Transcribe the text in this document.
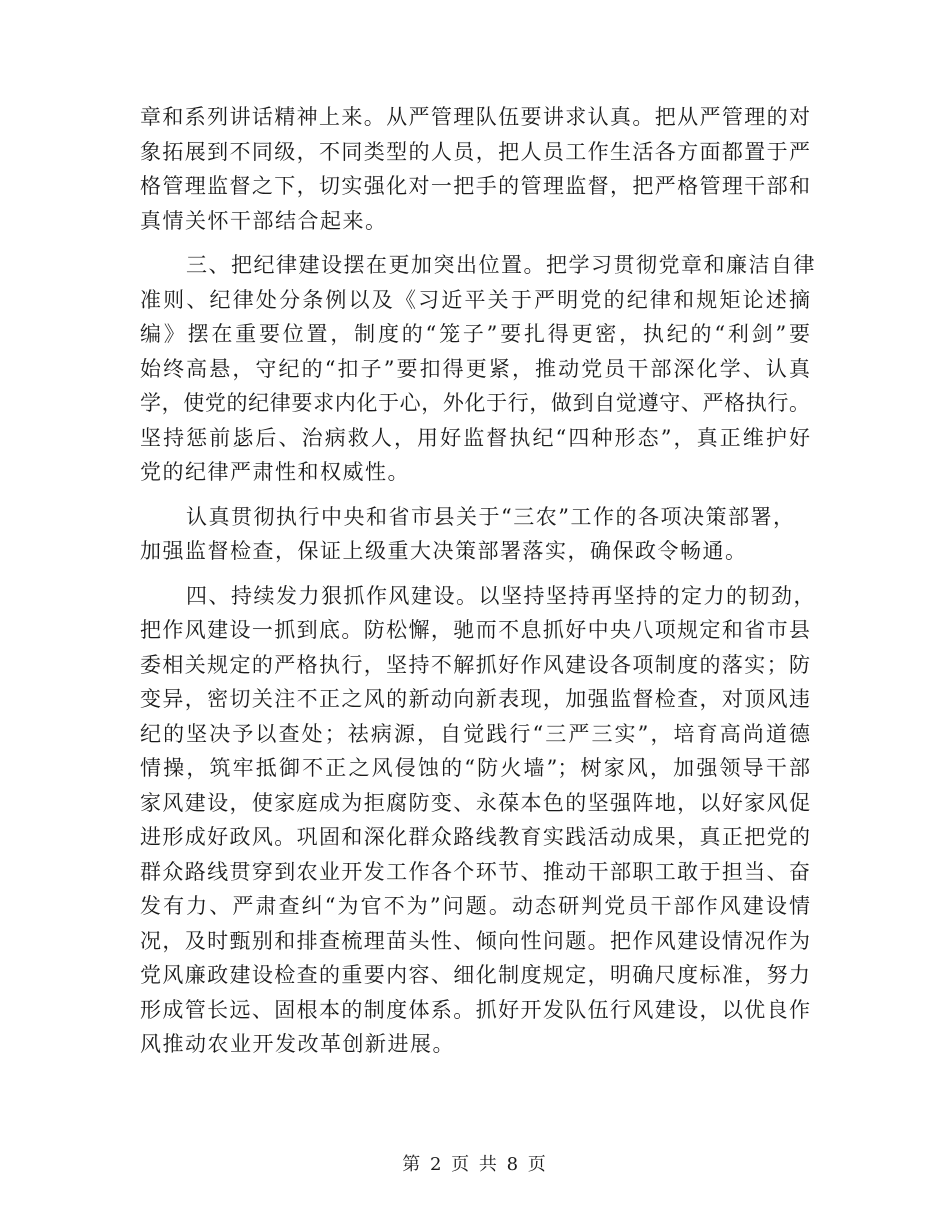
章和系列讲话精神上来。从严管理队伍要讲求认真。把从严管理的对
象拓展到不同级，不同类型的人员，把人员工作生活各方面都置于严
格管理监督之下，切实强化对一把手的管理监督，把严格管理干部和
真情关怀干部结合起来。
三、把纪律建设摆在更加突出位置。把学习贯彻党章和廉洁自律
准则、纪律处分条例以及《习近平关于严明党的纪律和规矩论述摘
编》摆在重要位置，制度的“笼子”要扎得更密，执纪的“利剑”要
始终高悬，守纪的“扣子”要扣得更紧，推动党员干部深化学、认真
学，使党的纪律要求内化于心，外化于行，做到自觉遵守、严格执行。
坚持惩前毖后、治病救人，用好监督执纪“四种形态”，真正维护好
党的纪律严肃性和权威性。
认真贯彻执行中央和省市县关于“三农”工作的各项决策部署，
加强监督检查，保证上级重大决策部署落实，确保政令畅通。
四、持续发力狠抓作风建设。以坚持坚持再坚持的定力的韧劲，
把作风建设一抓到底。防松懈，驰而不息抓好中央八项规定和省市县
委相关规定的严格执行，坚持不解抓好作风建设各项制度的落实；防
变异，密切关注不正之风的新动向新表现，加强监督检查，对顶风违
纪的坚决予以查处；祛病源，自觉践行“三严三实”，培育高尚道德
情操，筑牢抵御不正之风侵蚀的“防火墙”；树家风，加强领导干部
家风建设，使家庭成为拒腐防变、永葆本色的坚强阵地，以好家风促
进形成好政风。巩固和深化群众路线教育实践活动成果，真正把党的
群众路线贯穿到农业开发工作各个环节、推动干部职工敢于担当、奋
发有力、严肃查纠“为官不为”问题。动态研判党员干部作风建设情
况，及时甄别和排查梳理苗头性、倾向性问题。把作风建设情况作为
党风廉政建设检查的重要内容、细化制度规定，明确尺度标准，努力
形成管长远、固根本的制度体系。抓好开发队伍行风建设，以优良作
风推动农业开发改革创新进展。
第 2 页 共 8 页
